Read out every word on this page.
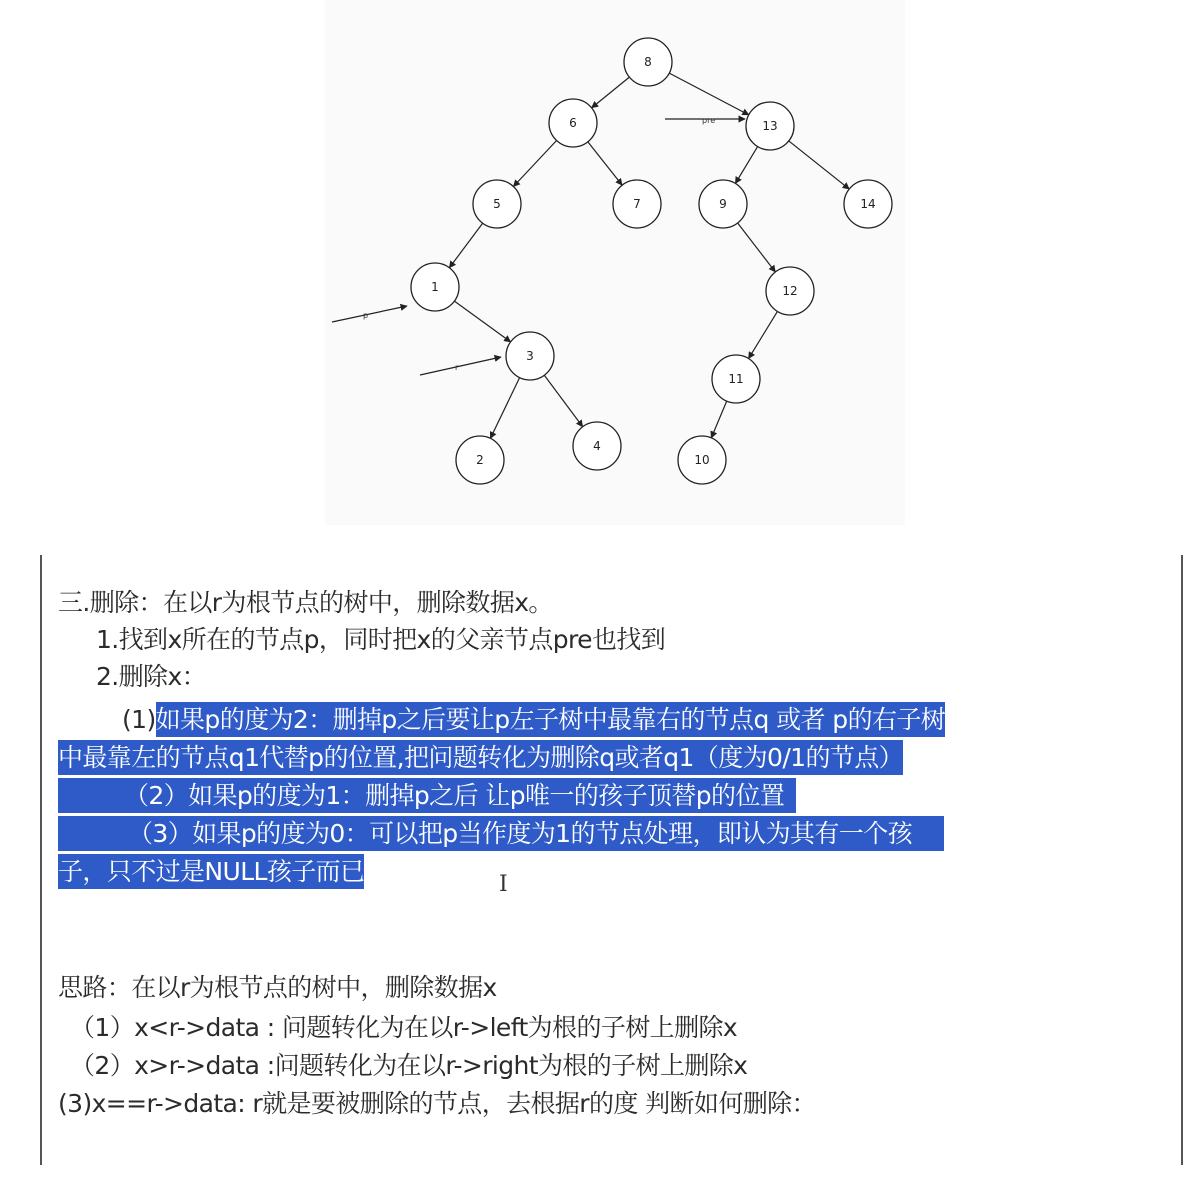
pre
p
r
8
6	13
5	7	9	14
1	12
3
11
2
4
10
三.删除：在以r为根节点的树中，删除数据x。
1.找到x所在的节点p，同时把x的父亲节点pre也找到
2.删除x：
(1)如果p的度为2：删掉p之后要让p左子树中最靠右的节点q 或者 p的右子树
中最靠左的节点q1代替p的位置,把问题转化为删除q或者q1（度为0/1的节点）
（2）如果p的度为1：删掉p之后 让p唯一的孩子顶替p的位置
（3）如果p的度为0：可以把p当作度为1的节点处理，即认为其有一个孩
子，只不过是NULL孩子而已	I
思路：在以r为根节点的树中，删除数据x
（1）x<r->data : 问题转化为在以r->left为根的子树上删除x
（2）x>r->data :问题转化为在以r->right为根的子树上删除x
(3)x==r->data: r就是要被删除的节点，去根据r的度 判断如何删除：
